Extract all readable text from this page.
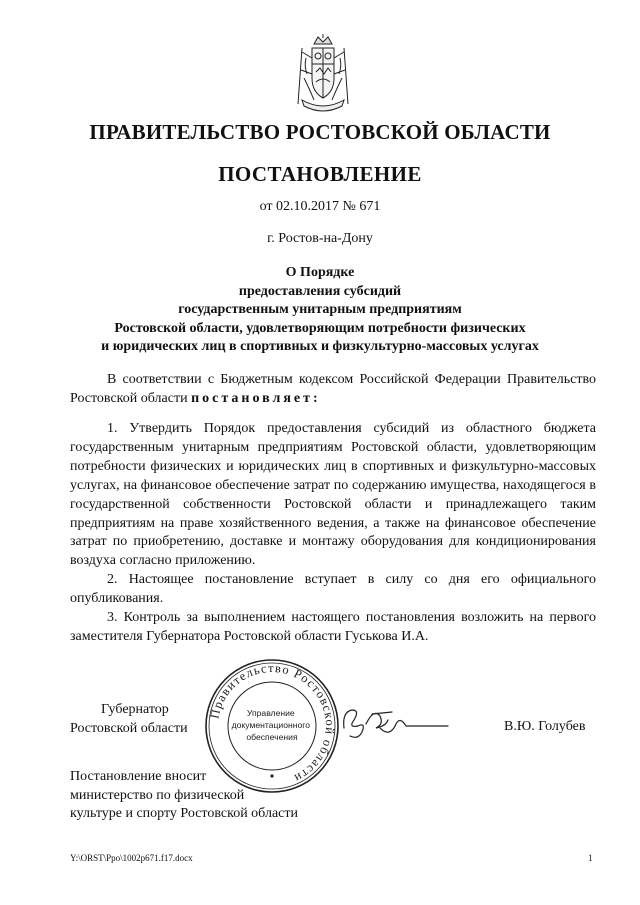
ПРАВИТЕЛЬСТВО РОСТОВСКОЙ ОБЛАСТИ
ПОСТАНОВЛЕНИЕ
от 02.10.2017 № 671
г. Ростов-на-Дону
О Порядке
предоставления субсидий
государственным унитарным предприятиям
Ростовской области, удовлетворяющим потребности физических
и юридических лиц в спортивных и физкультурно-массовых услугах
В соответствии с Бюджетным кодексом Российской Федерации Правительство Ростовской области постановляет:
1. Утвердить Порядок предоставления субсидий из областного бюджета государственным унитарным предприятиям Ростовской области, удовлетворяющим потребности физических и юридических лиц в спортивных и физкультурно-массовых услугах, на финансовое обеспечение затрат по содержанию имущества, находящегося в государственной собственности Ростовской области и принадлежащего таким предприятиям на праве хозяйственного ведения, а также на финансовое обеспечение затрат по приобретению, доставке и монтажу оборудования для кондиционирования воздуха согласно приложению.
2. Настоящее постановление вступает в силу со дня его официального опубликования.
3. Контроль за выполнением настоящего постановления возложить на первого заместителя Губернатора Ростовской области Гуськова И.А.
Правительство Ростовской области
Управление документационного обеспечения
Губернатор
Ростовской области	В.Ю. Голубев
Постановление вносит
министерство по физической
культуре и спорту Ростовской области
Y:\ORST\Ppo\1002p671.f17.docx	1
